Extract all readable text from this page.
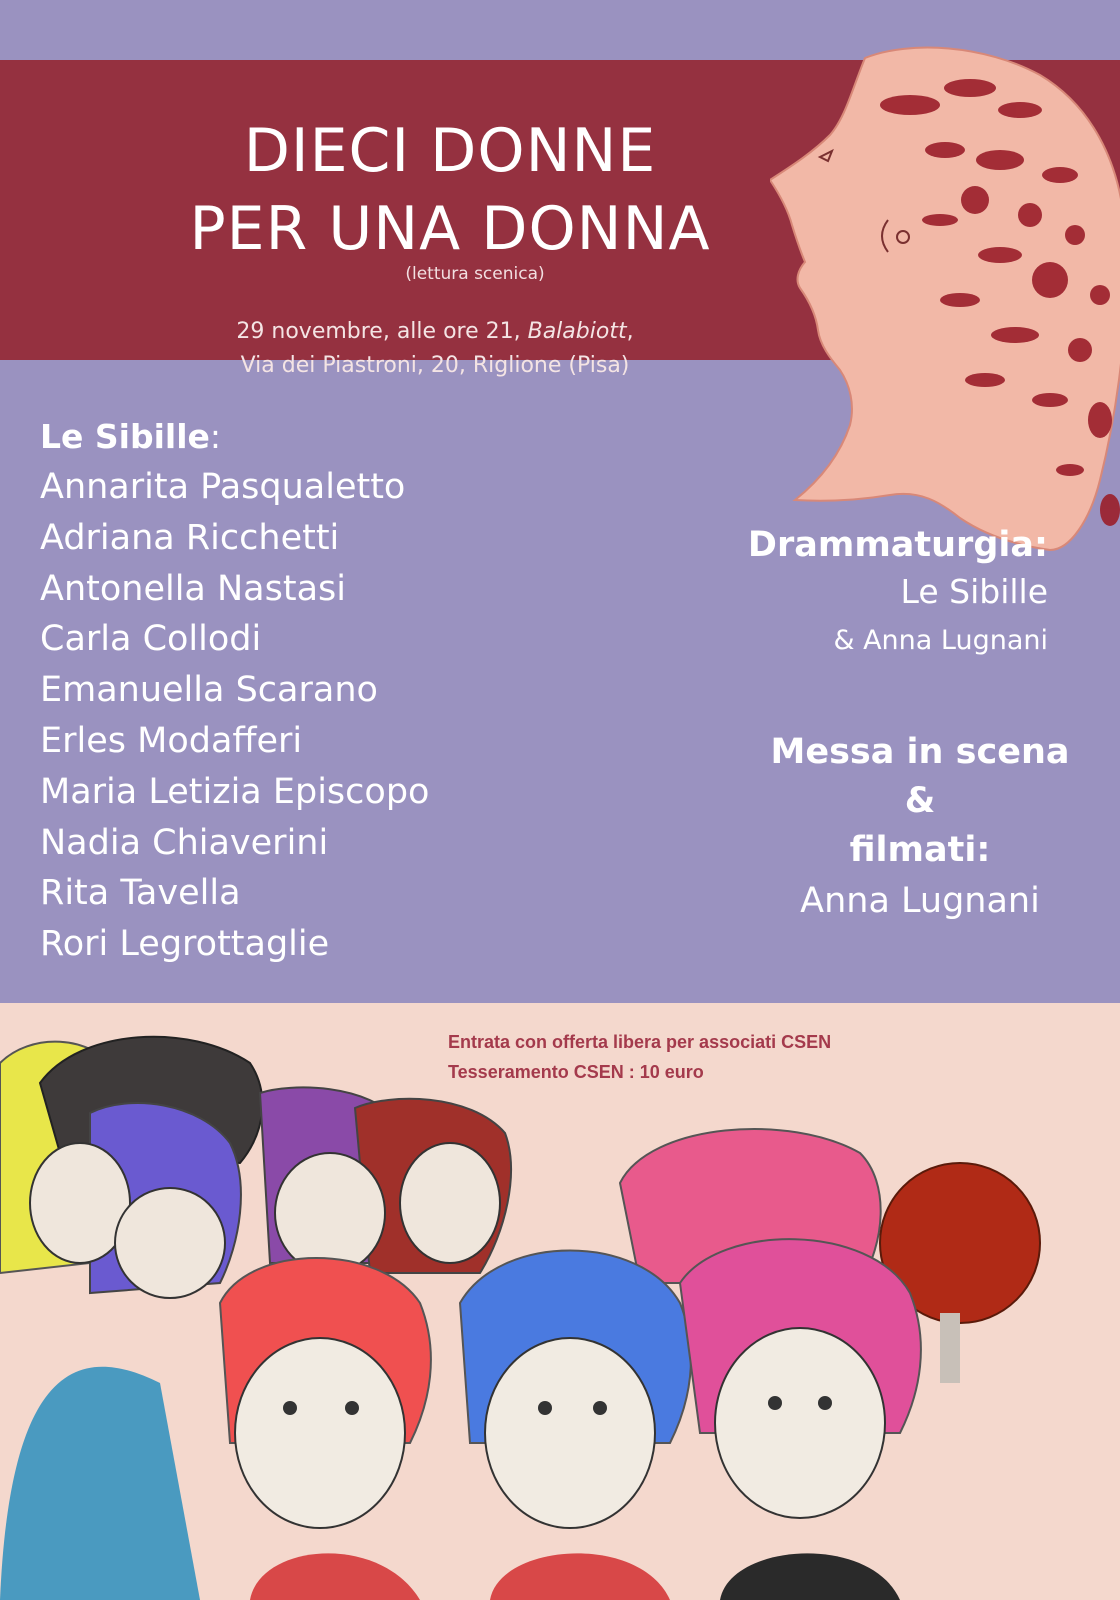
DIECI DONNE
PER UNA DONNA
(lettura scenica)
29 novembre, alle ore 21, Balabiott,
Via dei Piastroni, 20, Riglione (Pisa)
Le Sibille:
Annarita Pasqualetto
Adriana Ricchetti
Antonella Nastasi
Carla Collodi
Emanuella Scarano
Erles Modafferi
Maria Letizia Episcopo
Nadia Chiaverini
Rita Tavella
Rori Legrottaglie
Drammaturgia:
Le Sibille
& Anna Lugnani
Messa in scena
&
filmati:
Anna Lugnani
Entrata con offerta libera per associati CSEN
Tesseramento CSEN : 10 euro
